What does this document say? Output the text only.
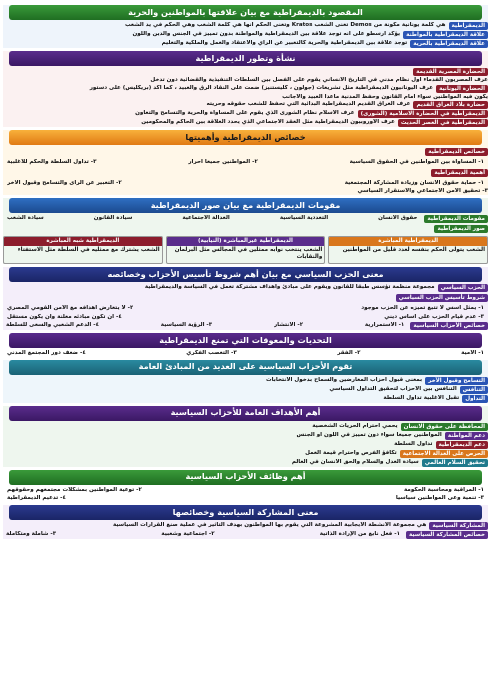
المقصود بالديمقراطية مع بيان علاقتها بالمواطنين والحرية
الديمقراطية
هي كلمة يونانية مكونة من Demos تعنى الشعب Kratos وتعنى الحكم أنها هي كلمة الشعب وهي الحكم في يد الشعب
علاقة الديمقراطية بالمواطنة
يؤكد أرسطو على أنه توجد علاقة بين الديمقراطية والمواطنة بدون تمييز في الجنس والدين واللون
علاقة الديمقراطية بالحرية
توجد علاقة بين الديمقراطية والحرية كالتعبير عن الرأي والاعتقاد والعمل والملكية والتعليم
نشأة وتطور الديمقراطية
الحضارة المصرية القديمة
عرف المصريون القدماء أول نظام مدني في التاريخ الانساني يقوم على الفصل بين السلطات التنفيذية والقضائية دون تدخل
الحضارة اليونانية
عرف اليونانيون الديمقراطية مثل تشريعات (جولون ، كليستنيز) ضمت على النقاد الرق والعبيد ، كما أكد (بريكليس) على دستور
يكون فيه المواطنين سواء أمام القانون وحفظ المدنية ماعدا العبيد والأجانب
حضارة بلاد العراق القديم
عرف العراق القديم الديمقراطية البدائية التي تحفظ للشعب حقوقه وحريته
الديمقراطية في الحضارة الاسلامية (الشورى)
عرف الاسلام نظام الشورى الذي يقوم على المساواة والحرية والتسامح والتعاون
الديمقراطية في العصر الحديث
عرف الأوروبيون الديمقراطية مثل العقد الاجتماعي الذي يحدد العلاقة بين الحاكم والمحكومين
خصائص الديمقراطية وأهميتها
خصائص الديمقراطية
١- المساواة بين المواطنين في الحقوق السياسية
٢- المواطنين جميعاً أحرار
٣- تداول السلطة والحكم للأغلبية
أهمية الديمقراطية
١- حماية حقوق الانسان وزيادة المشاركة المجتمعية
٢- التعبير عن الرأى والتسامح وقبول الآخر
٣- تحقيق الأمن الاجتماعي والاستقرار السياسي
مقومات الديمقراطية مع بيان صور الديمقراطية
مقومات الديمقراطية
حقوق الانسان
التعددية السياسية
العدالة الاجتماعية
سيادة القانون
سيادة الشعب
صور الديمقراطية
الديمقراطية المباشرة
الشعب يتولى الحكم بنفسه لعدد قليل من المواطنين
الديمقراطية غيرالمباشرة (النيابية)
الشعب ينتخب نوابه ممثلين في المجالس مثل البرلمان والنقابات
الديمقراطية شبه المباشرة
الشعب يشترك مع ممثليه في السلطة مثل الاستفتاء
معنى الحزب السياسي مع بيان أهم شروط تأسيس الأحزاب وخصائصه
الحزب السياسي
مجموعة منظمة تؤسس طبقاً للقانون ويقوم على مبادئ وأهداف مشتركة تعمل في السياسة والديمقراطية
شروط تأسيس الحزب السياسي
١- يمثل أسس لا تتبع تميزه عن الحزب موجود
٢- لا يتعارض أهدافه مع الأمن القومي المصري
٣- عدم قيام الحزب على أساس ديني
٤- أن تكون مبادئه معلنة وأن يكون مستقل
خصائص الأحزاب السياسية
١- الاستمرارية
٢- الانتشار
٣- الرؤية السياسية
٤- الدعم الشعبي والسعى للسلطة
التحديات والمعوقات التي تمنع الديمقراطية
١- الأمية
٢- الفقر
٣- التعصب الفكري
٤- ضعف دور المجتمع المدني
تقوم الأحزاب السياسية على العديد من المبادئ العامة
التسامح وقبول الآخر
بمعنى قبول أحزاب المعارضين والسماح بدخول الانتخابات
التنافس
التنافس بين الأحزاب لتحقيق التداول السياسي
التداول
تقبل الأغلبية تداول السلطة
أهم الأهداف العامة للأحزاب السياسية
المحافظة على حقوق الانسان
يحمي أحترام الحريات الشخصية
دعم المواطنة
المواطنين جميعاً سواء دون تمييز في اللون أو الجنس
دعم الديمقراطية
تداول السلطة
الحرص على العدالة الاجتماعية
تكافؤ الفرص وأحترام قيمة العمل
تحقيق السلام العالمي
سيادة العدل والسلام والحق الانسان في العالم
أهم وظائف الأحزاب السياسية
١- المراقبة ومحاسبة الحكومة
٢- توعية المواطنين بمشكلات مجتمعهم وحقوقهم
٣- تنمية وعى المواطنين سياسياً
٤- تدعيم الديمقراطية
معنى المشاركة السياسية وخصائصها
المشاركة السياسية
هي مجموعة الأنشطة الايجابية المشروعة التي يقوم بها المواطنون بهدف التأثير في عملية صنع القرارات السياسية
خصائص المشاركة السياسية
١- فعل نابع من الإرادة الذاتية
٢- اجتماعية وشعبية
٣- شاملة ومتكاملة
